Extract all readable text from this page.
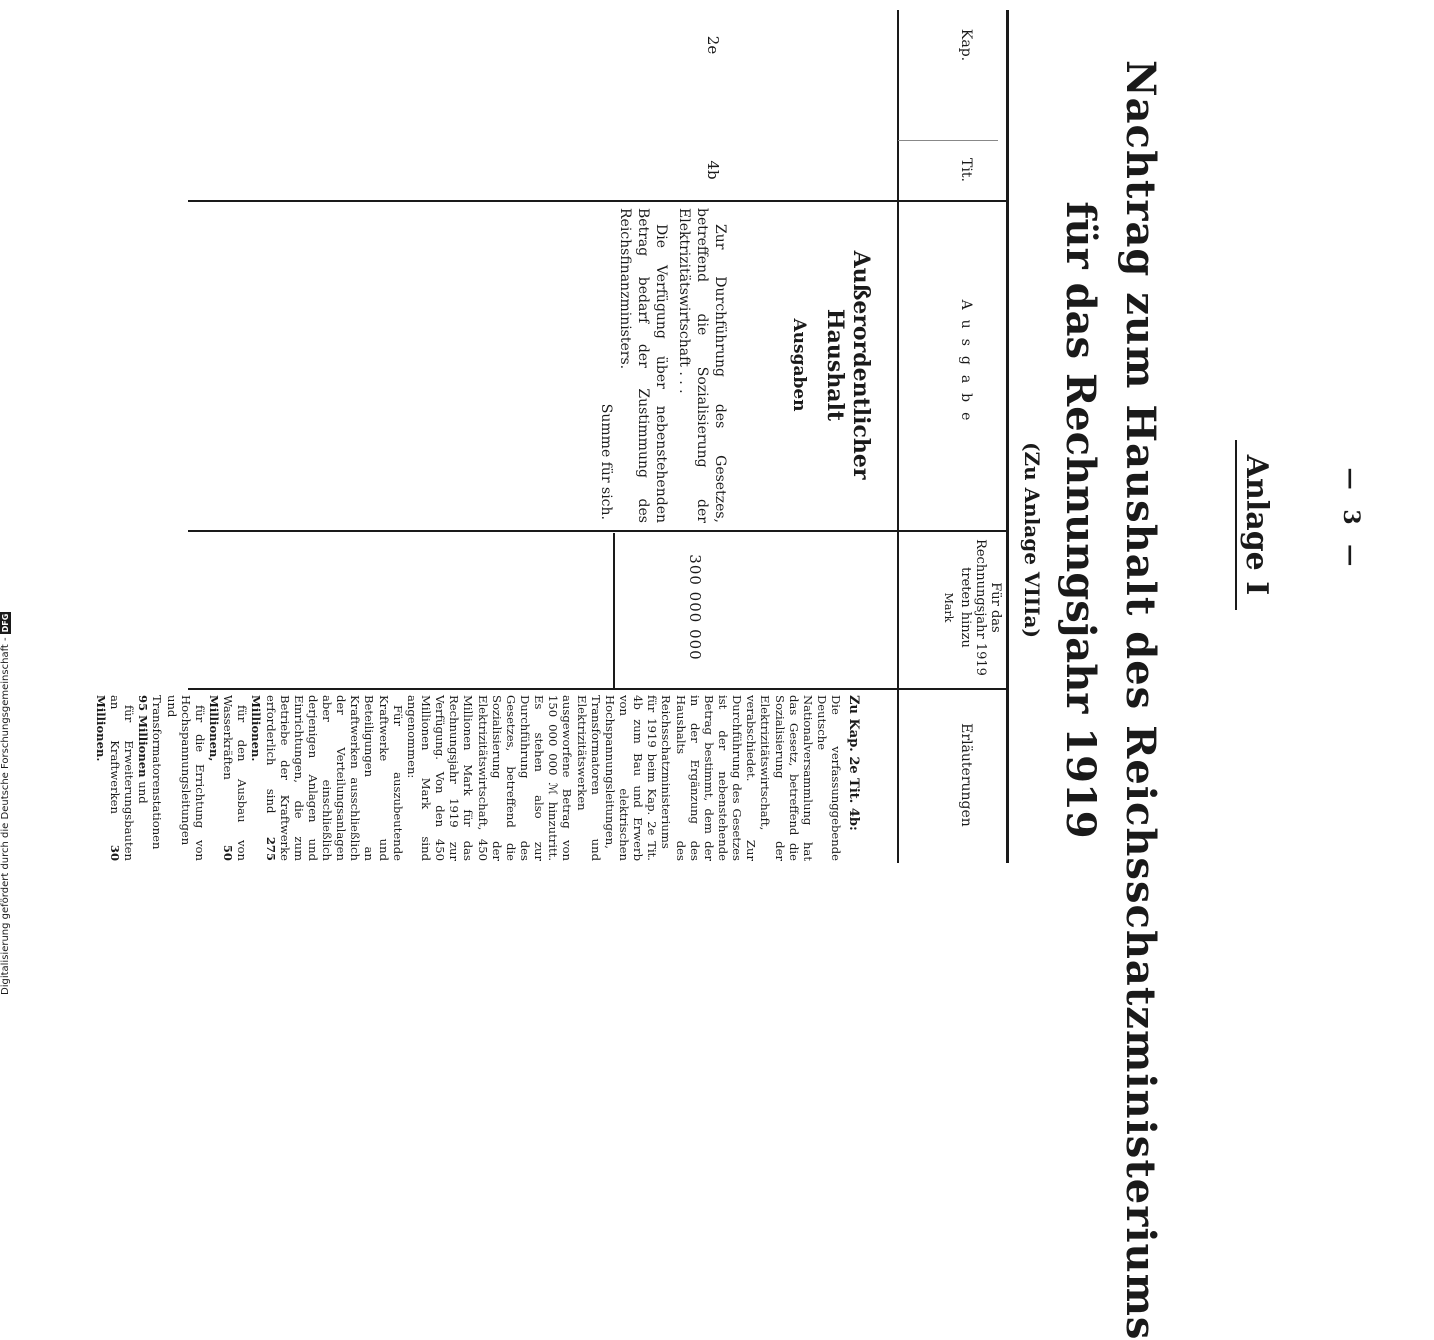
— 3 —
Anlage I
Nachtrag zum Haushalt des Reichsschatzministeriums
für das Rechnungsjahr 1919
(Zu Anlage VIIIa)
Kap.
Tit.
Ausgabe
Für das
Rechnungsjahr 1919
treten hinzu
Mark
Erläuterungen
Außerordentlicher Haushalt
Ausgaben
2e
4b

Zur Durchführung des Gesetzes, betreffend die Sozialisierung der Elektrizitätswirtschaft . . .

Die Verfügung über nebenstehenden Betrag bedarf der Zustimmung des Reichsfinanzministers.

Summe für sich.
300 000 000

Zu Kap. 2e Tit. 4b:

Die verfassunggebende Deutsche Nationalversammlung hat das Gesetz, betreffend die Sozialisierung der Elektrizitätswirtschaft, verabschiedet. Zur Durchführung des Gesetzes ist der nebenstehende Betrag bestimmt, dem der in der Ergänzung des Haushalts des Reichsschatzministeriums für 1919 beim Kap. 2e Tit. 4b zum Bau und Erwerb von elektrischen Hochspannungsleitungen, Transformatoren und Elektrizitätswerken ausgeworfene Betrag von 150 000 000 ℳ hinzutritt. Es stehen also zur Durchführung des Gesetzes, betreffend die Sozialisierung der Elektrizitätswirtschaft, 450 Millionen Mark für das Rechnungsjahr 1919 zur Verfügung. Von den 450 Millionen Mark sind angenommen:

Für auszubeutende Kraftwerke und Beteiligungen an Kraftwerken ausschließlich der Verteilungsanlagen aber einschließlich derjenigen Anlagen und Einrichtungen, die zum Betriebe der Kraftwerke erforderlich sind 275 Millionen.

für den Ausbau von Wasserkräften 50 Millionen,

für die Errichtung von Hochspannungsleitungen und Transformatorenstationen 95 Millionen und

für Erweiterungsbauten an Kraftwerken 30 Millionen.

Digitalisierung gefördert durch die Deutsche Forschungsgemeinschaft -DFG
